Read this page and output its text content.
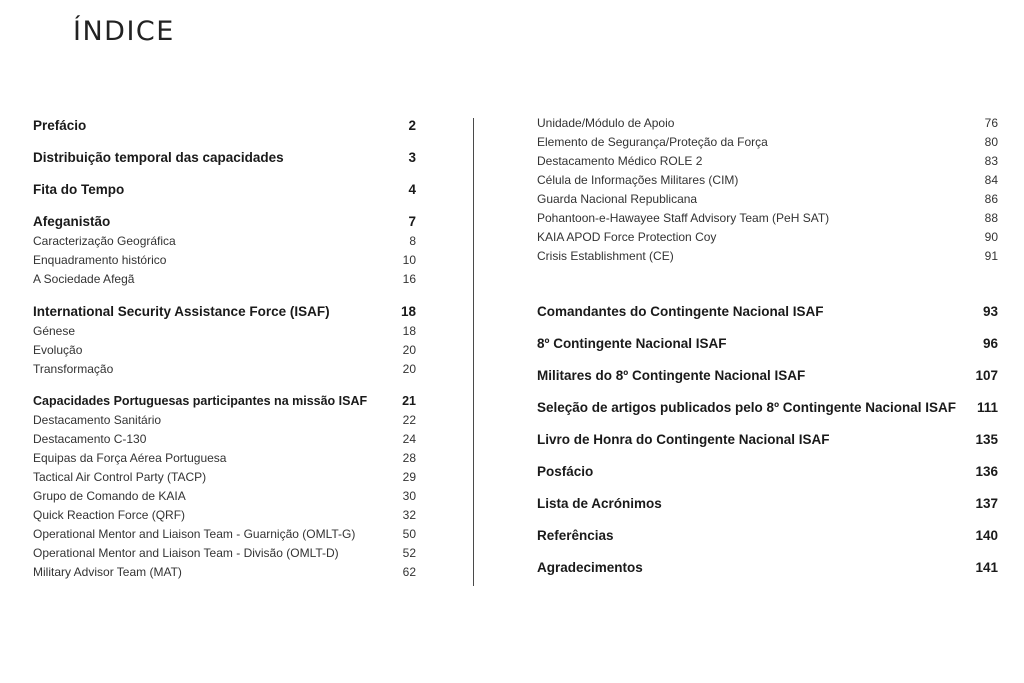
ÍNDICE
Prefácio	2
Distribuição temporal das capacidades	3
Fita do Tempo	4
Afeganistão	7
Caracterização Geográfica	8
Enquadramento histórico	10
A Sociedade Afegã	16
International Security Assistance Force (ISAF)	18
Génese	18
Evolução	20
Transformação	20
Capacidades Portuguesas participantes na missão ISAF	21
Destacamento Sanitário	22
Destacamento C-130	24
Equipas da Força Aérea Portuguesa	28
Tactical Air Control Party (TACP)	29
Grupo de Comando de KAIA	30
Quick Reaction Force (QRF)	32
Operational Mentor and Liaison Team - Guarnição (OMLT-G)	50
Operational Mentor and Liaison Team - Divisão (OMLT-D)	52
Military Advisor Team (MAT)	62
Unidade/Módulo de Apoio	76
Elemento de Segurança/Proteção da Força	80
Destacamento Médico ROLE 2	83
Célula de Informações Militares (CIM)	84
Guarda Nacional Republicana	86
Pohantoon-e-Hawayee Staff Advisory Team (PeH SAT)	88
KAIA APOD Force Protection Coy	90
Crisis Establishment (CE)	91
Comandantes do Contingente Nacional ISAF	93
8º Contingente Nacional ISAF	96
Militares do 8º Contingente Nacional ISAF	107
Seleção de artigos publicados pelo 8º Contingente Nacional ISAF 111
Livro de Honra do Contingente Nacional ISAF	135
Posfácio	136
Lista de Acrónimos	137
Referências	140
Agradecimentos	141
